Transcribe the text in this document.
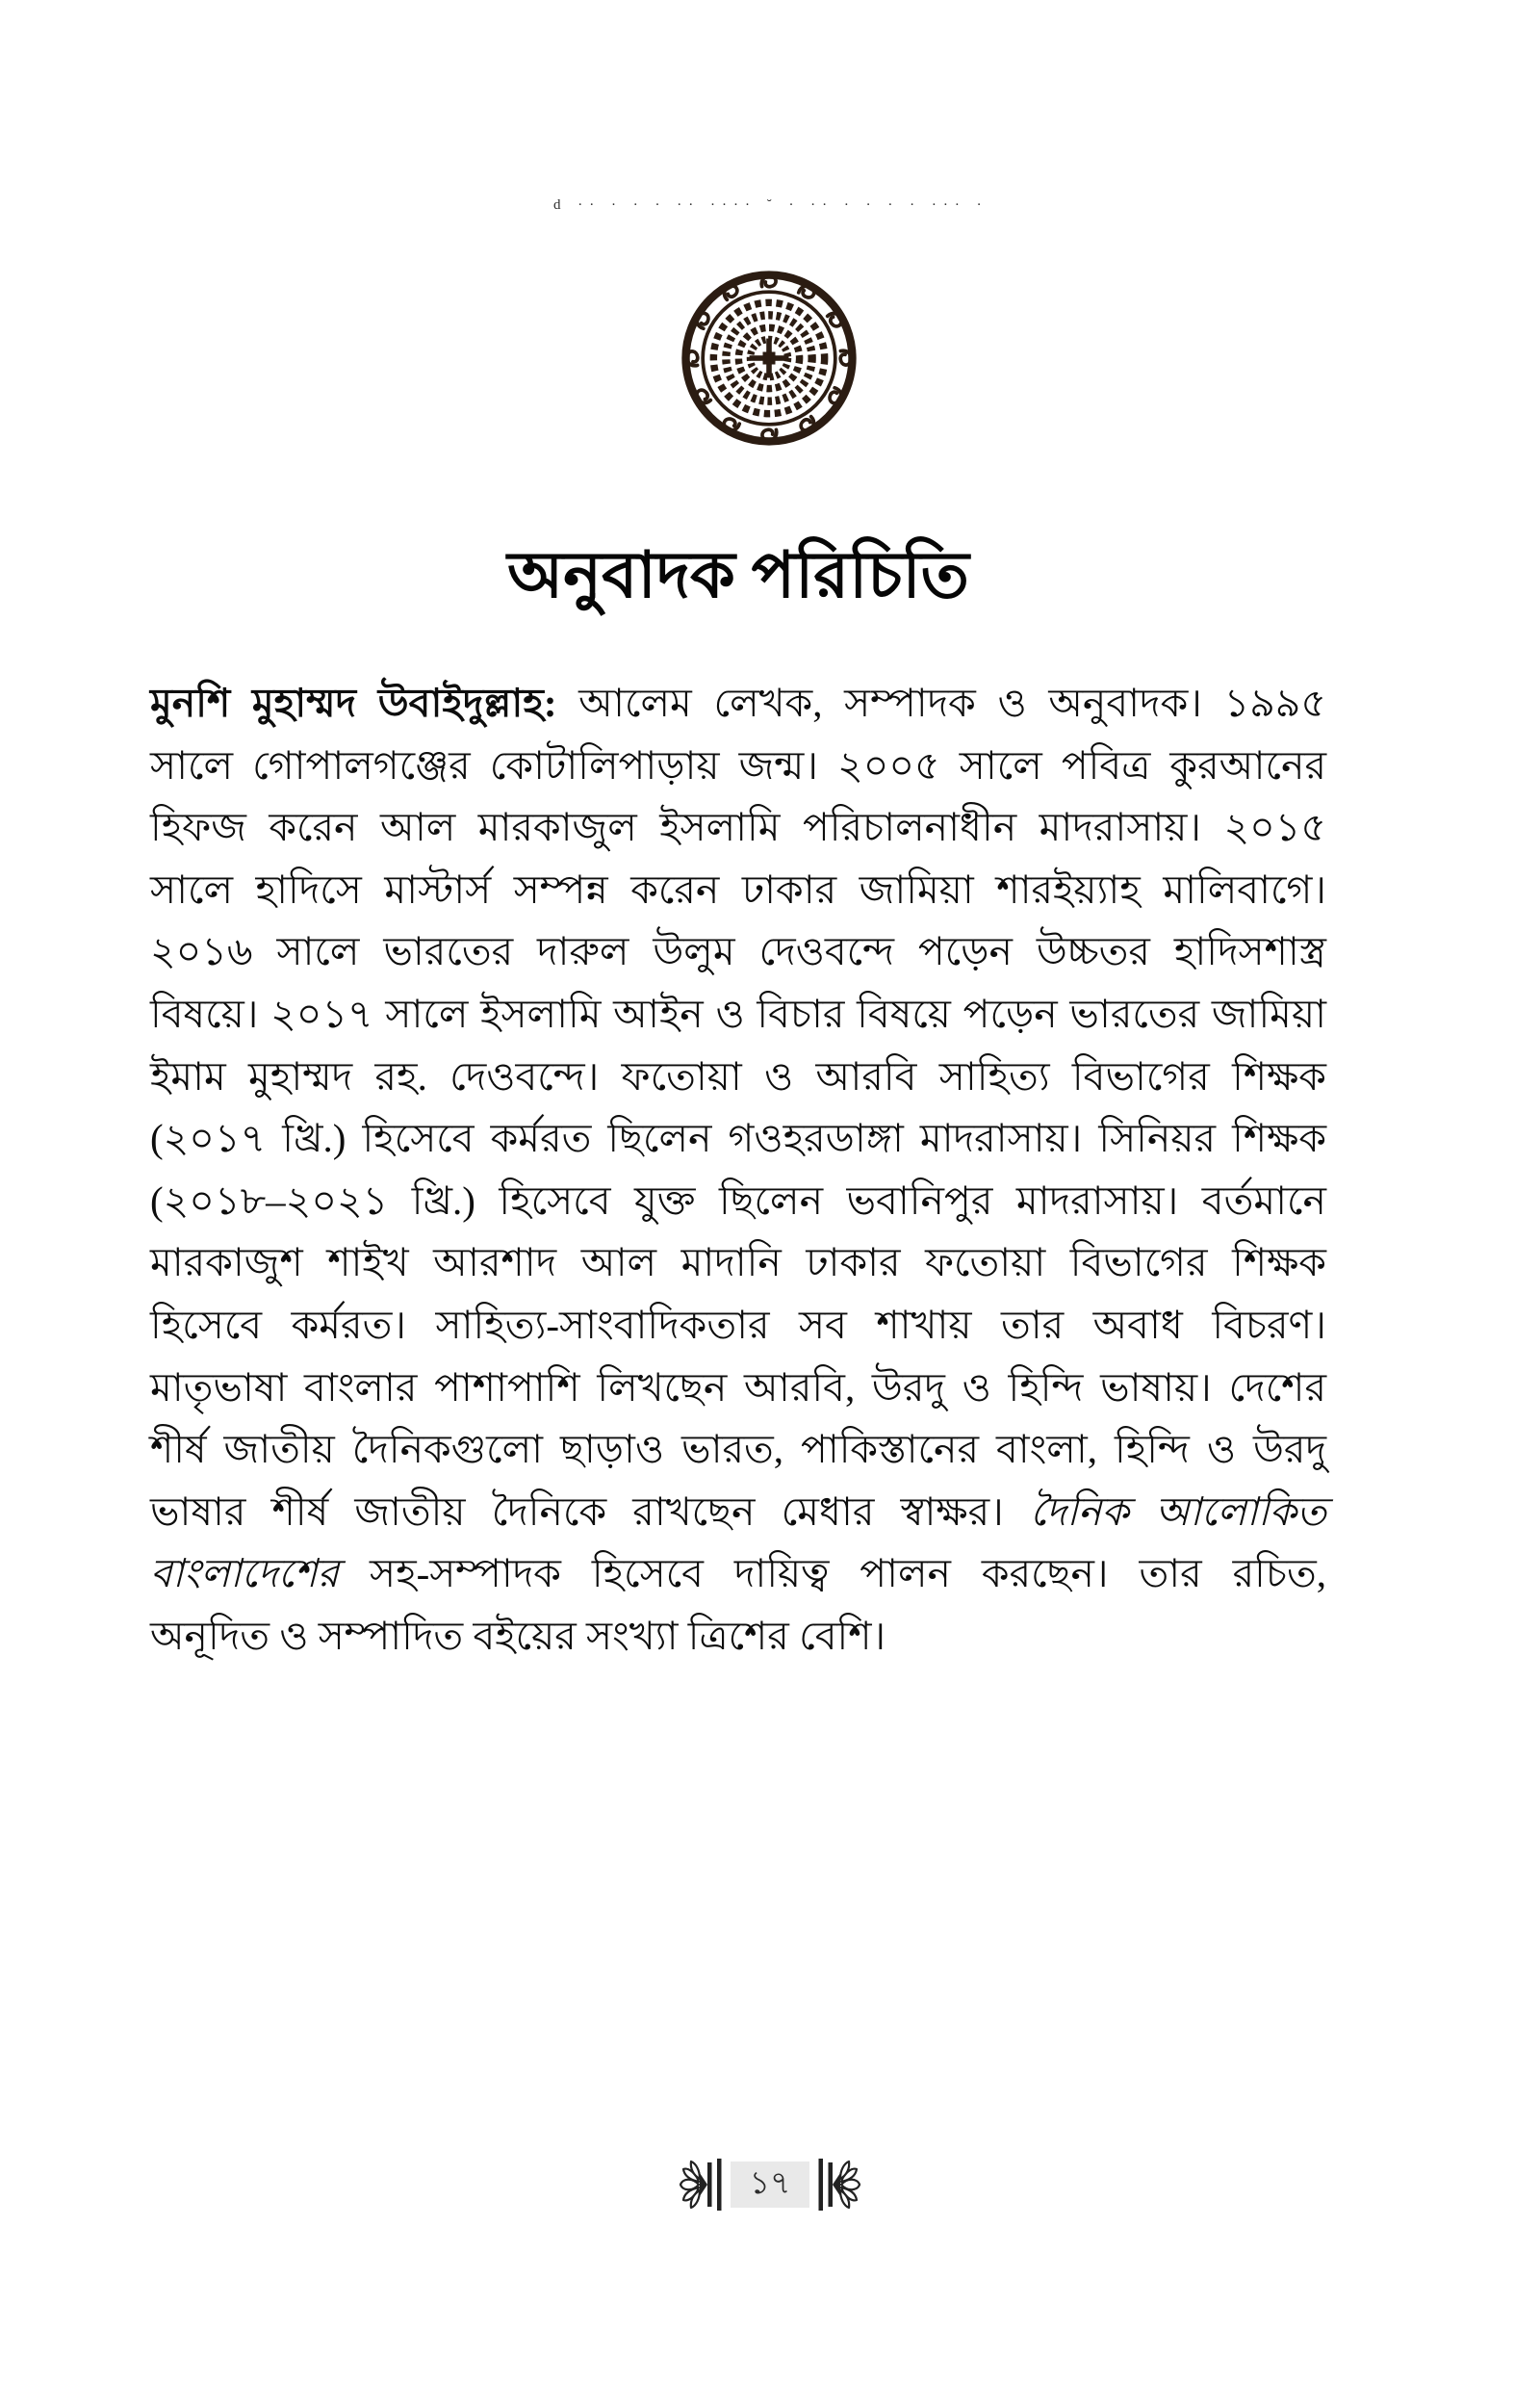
d ·· · · · ·· ···· ˘ · ·· · · · · ··· ·
অনুবাদক পরিচিতি
মুনশি মুহাম্মদ উবাইদুল্লাহ: আলেম লেখক, সম্পাদক ও অনুবাদক। ১৯৯৫
সালে গোপালগঞ্জের কোটালিপাড়ায় জন্ম। ২০০৫ সালে পবিত্র কুরআনের
হিফজ করেন আল মারকাজুল ইসলামি পরিচালনাধীন মাদরাসায়। ২০১৫
সালে হাদিসে মাস্টার্স সম্পন্ন করেন ঢাকার জামিয়া শারইয়্যাহ মালিবাগে।
২০১৬ সালে ভারতের দারুল উলুম দেওবন্দে পড়েন উচ্চতর হাদিসশাস্ত্র
বিষয়ে। ২০১৭ সালে ইসলামি আইন ও বিচার বিষয়ে পড়েন ভারতের জামিয়া
ইমাম মুহাম্মদ রহ. দেওবন্দে। ফতোয়া ও আরবি সাহিত্য বিভাগের শিক্ষক
(২০১৭ খ্রি.) হিসেবে কর্মরত ছিলেন গওহরডাঙ্গা মাদরাসায়। সিনিয়র শিক্ষক
(২০১৮–২০২১ খ্রি.) হিসেবে যুক্ত ছিলেন ভবানিপুর মাদরাসায়। বর্তমানে
মারকাজুশ শাইখ আরশাদ আল মাদানি ঢাকার ফতোয়া বিভাগের শিক্ষক
হিসেবে কর্মরত। সাহিত্য-সাংবাদিকতার সব শাখায় তার অবাধ বিচরণ।
মাতৃভাষা বাংলার পাশাপাশি লিখছেন আরবি, উরদু ও হিন্দি ভাষায়। দেশের
শীর্ষ জাতীয় দৈনিকগুলো ছাড়াও ভারত, পাকিস্তানের বাংলা, হিন্দি ও উরদু
ভাষার শীর্ষ জাতীয় দৈনিকে রাখছেন মেধার স্বাক্ষর। দৈনিক আলোকিত
বাংলাদেশের সহ-সম্পাদক হিসেবে দায়িত্ব পালন করছেন। তার রচিত,
অনূদিত ও সম্পাদিত বইয়ের সংখ্যা ত্রিশের বেশি।
১৭
